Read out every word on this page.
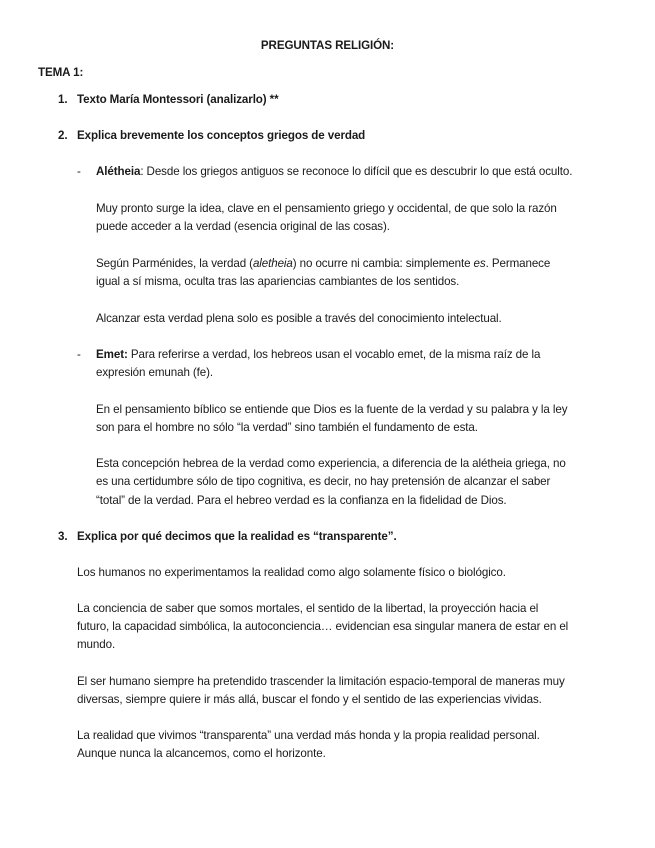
PREGUNTAS RELIGIÓN:
TEMA 1:
1. Texto María Montessori (analizarlo) **
2. Explica brevemente los conceptos griegos de verdad
- Alétheia: Desde los griegos antiguos se reconoce lo difícil que es descubrir lo que está oculto.
Muy pronto surge la idea, clave en el pensamiento griego y occidental, de que solo la razón
puede acceder a la verdad (esencia original de las cosas).
Según Parménides, la verdad (aletheia) no ocurre ni cambia: simplemente es. Permanece
igual a sí misma, oculta tras las apariencias cambiantes de los sentidos.
Alcanzar esta verdad plena solo es posible a través del conocimiento intelectual.
- Emet: Para referirse a verdad, los hebreos usan el vocablo emet, de la misma raíz de la
expresión emunah (fe).
En el pensamiento bíblico se entiende que Dios es la fuente de la verdad y su palabra y la ley
son para el hombre no sólo “la verdad” sino también el fundamento de esta.
Esta concepción hebrea de la verdad como experiencia, a diferencia de la alétheia griega, no
es una certidumbre sólo de tipo cognitiva, es decir, no hay pretensión de alcanzar el saber
“total” de la verdad. Para el hebreo verdad es la confianza en la fidelidad de Dios.
3. Explica por qué decimos que la realidad es “transparente”.
Los humanos no experimentamos la realidad como algo solamente físico o biológico.
La conciencia de saber que somos mortales, el sentido de la libertad, la proyección hacia el
futuro, la capacidad simbólica, la autoconciencia… evidencian esa singular manera de estar en el
mundo.
El ser humano siempre ha pretendido trascender la limitación espacio-temporal de maneras muy
diversas, siempre quiere ir más allá, buscar el fondo y el sentido de las experiencias vividas.
La realidad que vivimos “transparenta” una verdad más honda y la propia realidad personal.
Aunque nunca la alcancemos, como el horizonte.
